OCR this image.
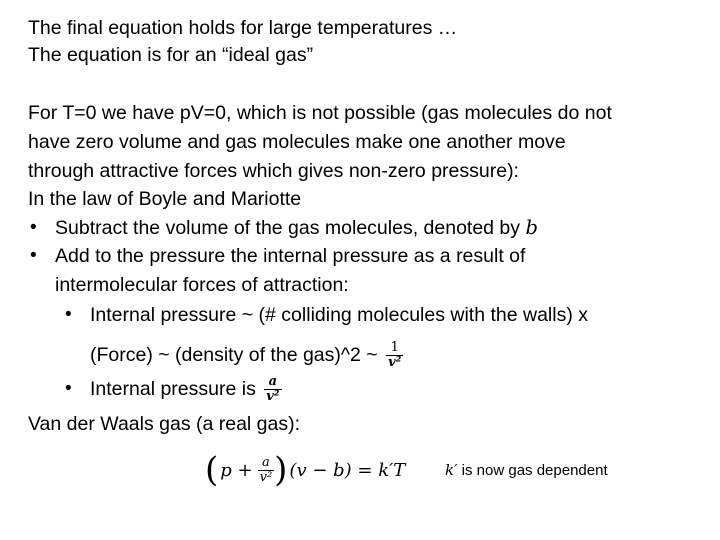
The final equation holds for large temperatures …
The equation is for an “ideal gas”
For T=0 we have pV=0, which is not possible (gas molecules do not
have zero volume and gas molecules make one another move
through attractive forces which gives non-zero pressure):
In the law of Boyle and Mariotte
• Subtract the volume of the gas molecules, denoted by b
• Add to the pressure the internal pressure as a result of
intermolecular forces of attraction:
• Internal pressure ~ (# colliding molecules with the walls) x
(Force) ~ (density of the gas)^2 ~ $\frac{1}{\text{v²}}$
• Internal pressure is $\frac{a}{\text{v²}}$
Van der Waals gas (a real gas):
( $p + \frac{a}{\text{v²}}$ ) (v − b) = k′T	k′ is now gas dependent
